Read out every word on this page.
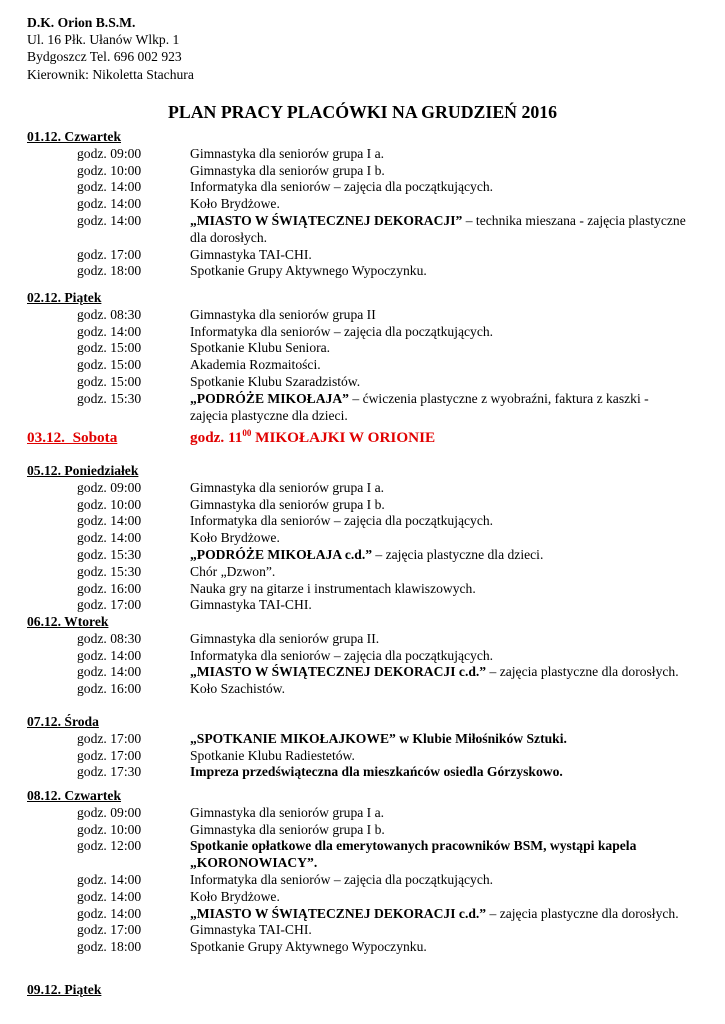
D.K. Orion B.S.M.
Ul. 16 Płk. Ułanów Wlkp. 1
Bydgoszcz Tel. 696 002 923
Kierownik: Nikoletta Stachura
PLAN PRACY PLACÓWKI NA GRUDZIEŃ 2016
01.12. Czwartek
godz. 09:00	Gimnastyka dla seniorów grupa I a.
godz. 10:00	Gimnastyka dla seniorów grupa I b.
godz. 14:00	Informatyka dla seniorów – zajęcia dla początkujących.
godz. 14:00	Koło Brydżowe.
godz. 14:00	„MIASTO W ŚWIĄTECZNEJ DEKORACJI” – technika mieszana - zajęcia plastyczne dla dorosłych.
godz. 17:00	Gimnastyka TAI-CHI.
godz. 18:00	Spotkanie Grupy Aktywnego Wypoczynku.
02.12. Piątek
godz. 08:30	Gimnastyka dla seniorów grupa II
godz. 14:00	Informatyka dla seniorów – zajęcia dla początkujących.
godz. 15:00	Spotkanie Klubu Seniora.
godz. 15:00	Akademia Rozmaitości.
godz. 15:00	Spotkanie Klubu Szaradzistów.
godz. 15:30	„PODRÓŻE MIKOŁAJA” – ćwiczenia plastyczne z wyobraźni, faktura z kaszki - zajęcia plastyczne dla dzieci.
03.12.  Sobota	godz. $11^{00}$ MIKOŁAJKI W ORIONIE
05.12. Poniedziałek
godz. 09:00	Gimnastyka dla seniorów grupa I a.
godz. 10:00	Gimnastyka dla seniorów grupa I b.
godz. 14:00	Informatyka dla seniorów – zajęcia dla początkujących.
godz. 14:00	Koło Brydżowe.
godz. 15:30	„PODRÓŻE MIKOŁAJA c.d.” – zajęcia plastyczne dla dzieci.
godz. 15:30	Chór „Dzwon”.
godz. 16:00	Nauka gry na gitarze i instrumentach klawiszowych.
godz. 17:00	Gimnastyka TAI-CHI.
06.12. Wtorek
godz. 08:30	Gimnastyka dla seniorów grupa II.
godz. 14:00	Informatyka dla seniorów – zajęcia dla początkujących.
godz. 14:00	„MIASTO W ŚWIĄTECZNEJ DEKORACJI c.d.” – zajęcia plastyczne dla dorosłych.
godz. 16:00	Koło Szachistów.
07.12. Środa
godz. 17:00	„SPOTKANIE MIKOŁAJKOWE” w Klubie Miłośników Sztuki.
godz. 17:00	Spotkanie Klubu Radiestetów.
godz. 17:30	Impreza przedświąteczna dla mieszkańców osiedla Górzyskowo.
08.12. Czwartek
godz. 09:00	Gimnastyka dla seniorów grupa I a.
godz. 10:00	Gimnastyka dla seniorów grupa I b.
godz. 12:00	Spotkanie opłatkowe dla emerytowanych pracowników BSM, wystąpi kapela „KORONOWIACY”.
godz. 14:00	Informatyka dla seniorów – zajęcia dla początkujących.
godz. 14:00	Koło Brydżowe.
godz. 14:00	„MIASTO W ŚWIĄTECZNEJ DEKORACJI c.d.” – zajęcia plastyczne dla dorosłych.
godz. 17:00	Gimnastyka TAI-CHI.
godz. 18:00	Spotkanie Grupy Aktywnego Wypoczynku.
09.12. Piątek
